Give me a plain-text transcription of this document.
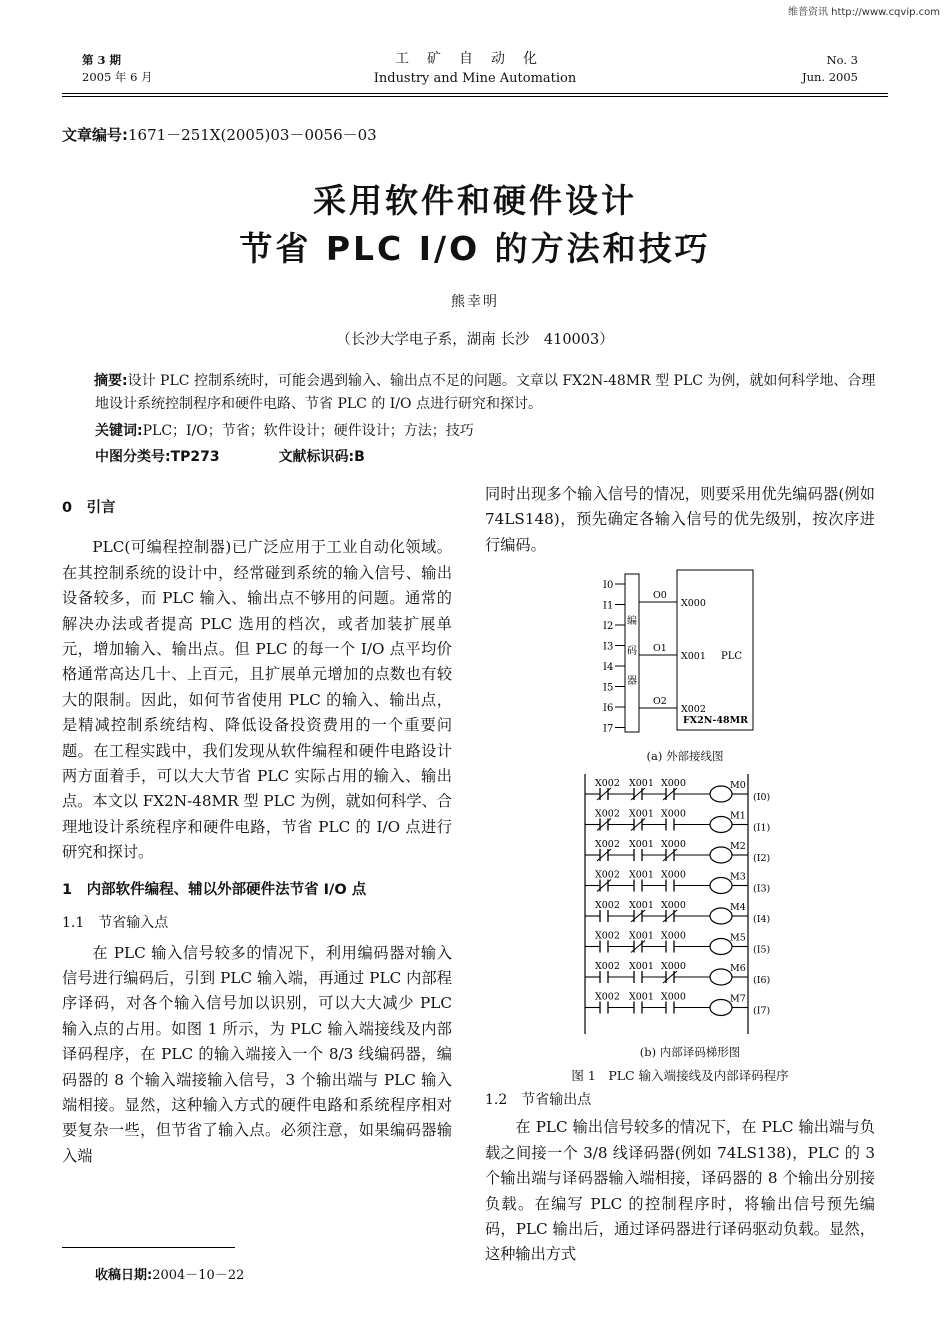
维普资讯 http://www.cqvip.com
第 3 期
2005 年 6 月
工矿自动化
Industry and Mine Automation
No. 3
Jun. 2005
文章编号:1671－251X(2005)03－0056－03
采用软件和硬件设计
节省 PLC I/O 的方法和技巧
熊幸明
（长沙大学电子系，湖南 长沙　410003）
摘要:设计 PLC 控制系统时，可能会遇到输入、输出点不足的问题。文章以 FX2N-48MR 型 PLC 为例，就如何科学地、合理地设计系统控制程序和硬件电路、节省 PLC 的 I/O 点进行研究和探讨。
关键词:PLC；I/O；节省；软件设计；硬件设计；方法；技巧
中图分类号:TP273	文献标识码:B
0　引言

PLC(可编程控制器)已广泛应用于工业自动化领域。在其控制系统的设计中，经常碰到系统的输入信号、输出设备较多，而 PLC 输入、输出点不够用的问题。通常的解决办法或者提高 PLC 选用的档次，或者加装扩展单元，增加输入、输出点。但 PLC 的每一个 I/O 点平均价格通常高达几十、上百元，且扩展单元增加的点数也有较大的限制。因此，如何节省使用 PLC 的输入、输出点，是精减控制系统结构、降低设备投资费用的一个重要问题。在工程实践中，我们发现从软件编程和硬件电路设计两方面着手，可以大大节省 PLC 实际占用的输入、输出点。本文以 FX2N-48MR 型 PLC 为例，就如何科学、合理地设计系统程序和硬件电路，节省 PLC 的 I/O 点进行研究和探讨。

1　内部软件编程、辅以外部硬件法节省 I/O 点
1.1　节省输入点

在 PLC 输入信号较多的情况下，利用编码器对输入信号进行编码后，引到 PLC 输入端，再通过 PLC 内部程序译码，对各个输入信号加以识别，可以大大减少 PLC 输入点的占用。如图 1 所示，为 PLC 输入端接线及内部译码程序，在 PLC 的输入端接入一个 8/3 线编码器，编码器的 8 个输入端接输入信号，3 个输出端与 PLC 输入端相接。显然，这种输入方式的硬件电路和系统程序相对要复杂一些，但节省了输入点。必须注意，如果编码器输入端

同时出现多个输入信号的情况，则要采用优先编码器(例如 74LS148)，预先确定各输入信号的优先级别，按次序进行编码。

I0
I1
I2
I3
I4
I5
I6
I7
编
码
器
O0
X000
O1
X001
O2
X002
PLC
FX2N-48MR
(a) 外部接线图
X002 X001 X000	M0
(I0)
X002 X001 X000	M1
(I1)
X002 X001 X000	M2
(I2)
X002 X001 X000	M3
(I3)
X002 X001 X000	M4
(I4)
X002 X001 X000	M5
(I5)
X002 X001 X000	M6
(I6)
X002 X001 X000	M7
(I7)
(b) 内部译码梯形图
图 1　PLC 输入端接线及内部译码程序
1.2　节省输出点

在 PLC 输出信号较多的情况下，在 PLC 输出端与负载之间接一个 3/8 线译码器(例如 74LS138)，PLC 的 3 个输出端与译码器输入端相接，译码器的 8 个输出分别接负载。在编写 PLC 的控制程序时，将输出信号预先编码，PLC 输出后，通过译码器进行译码驱动负载。显然，这种输出方式

收稿日期:2004－10－22
